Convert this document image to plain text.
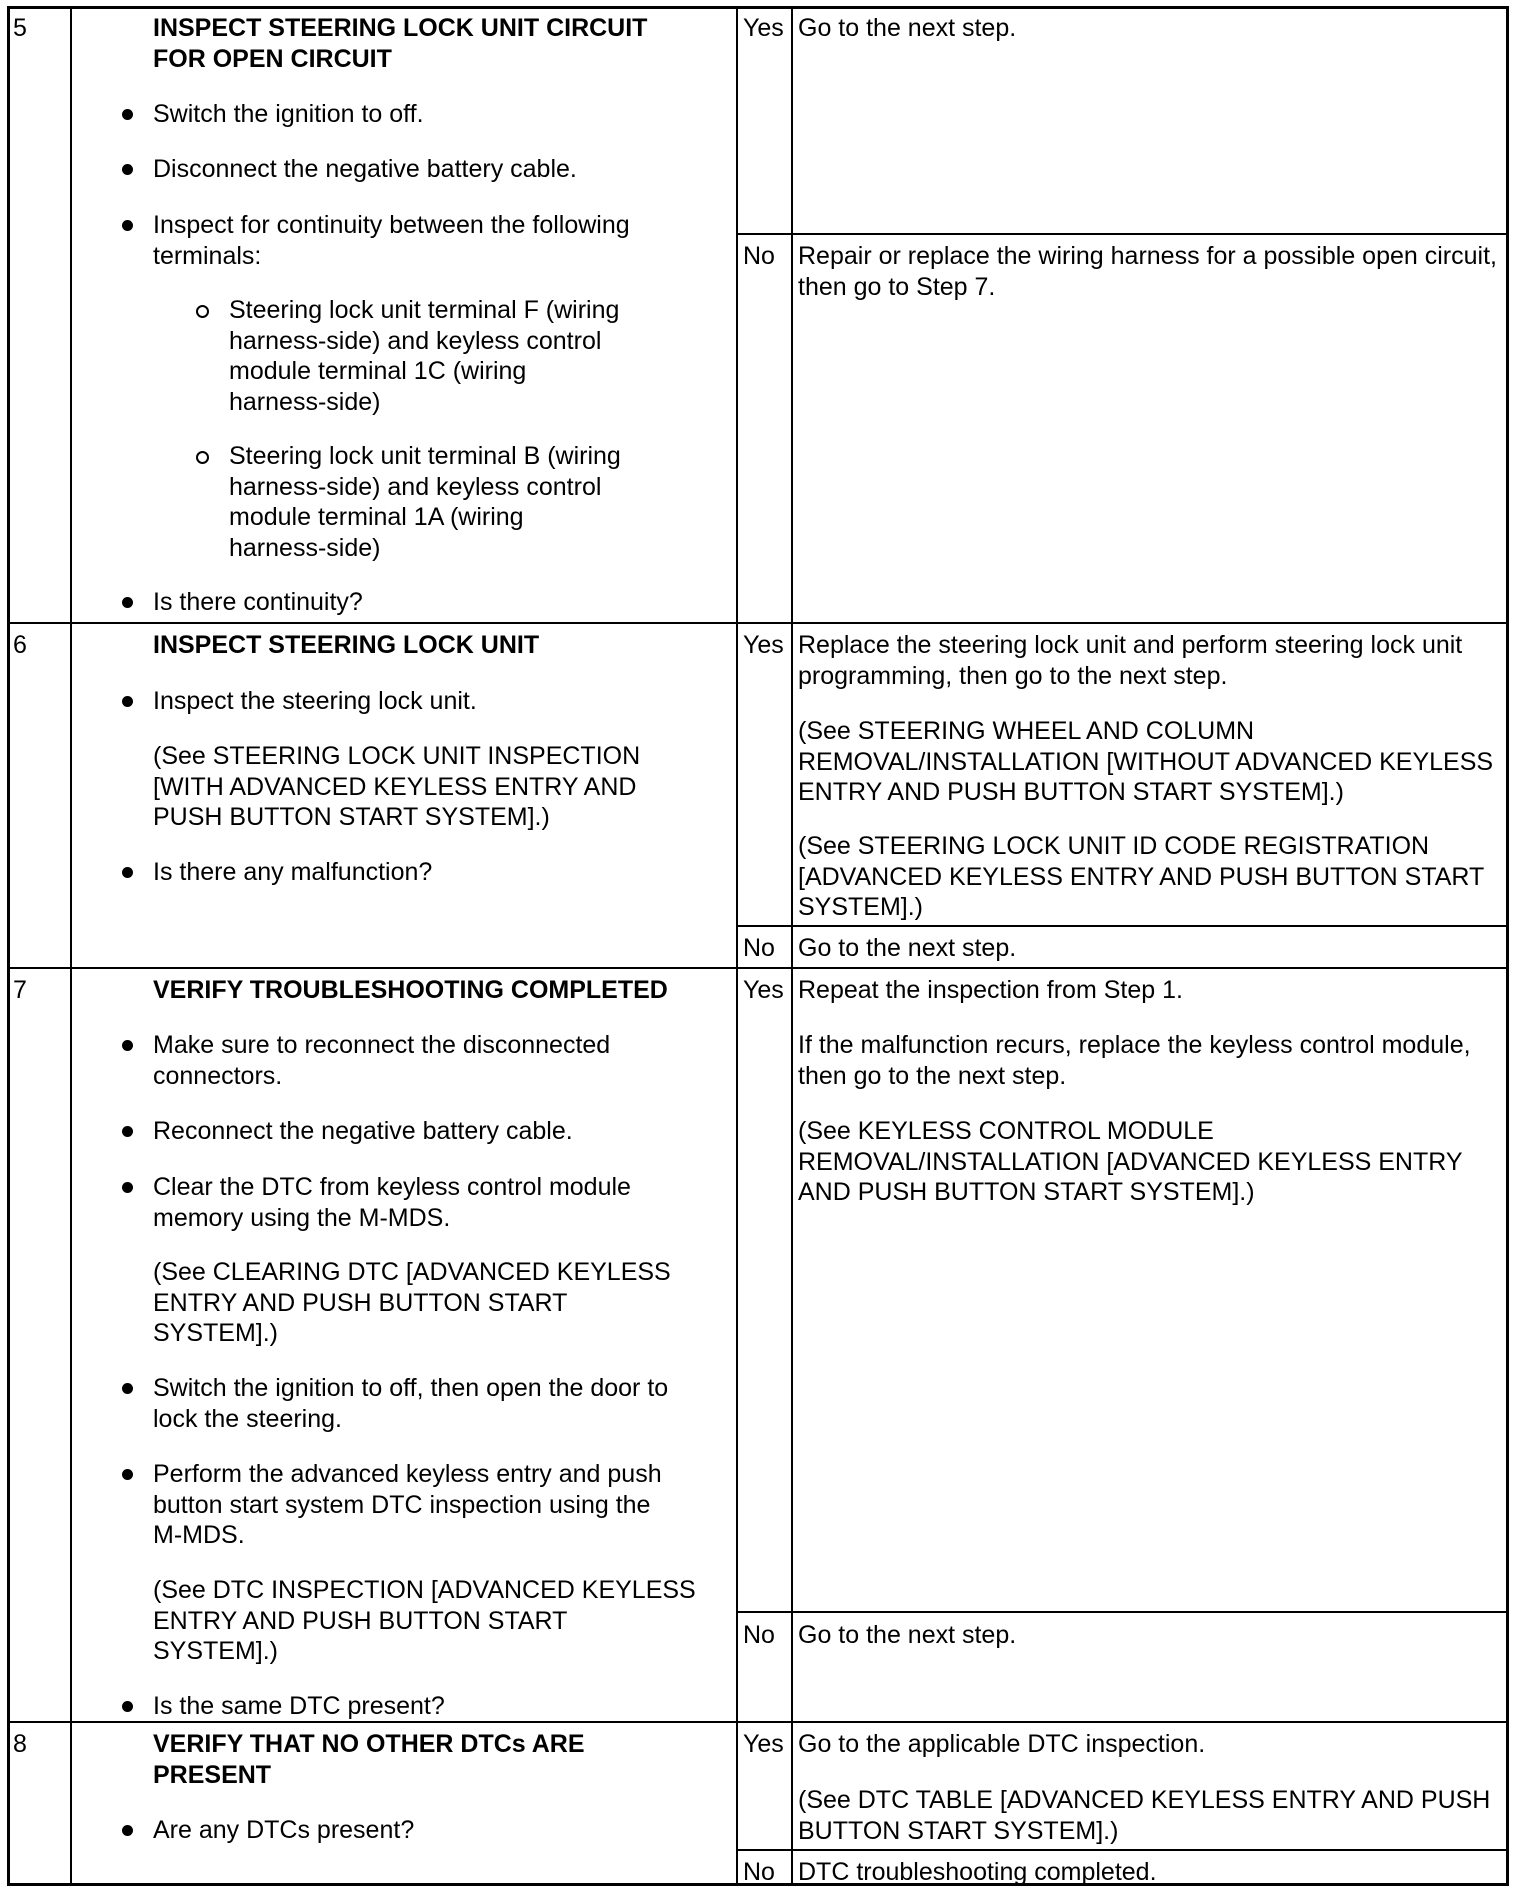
5	INSPECT STEERING LOCK UNIT CIRCUIT
FOR OPEN CIRCUIT
Switch the ignition to off.
Disconnect the negative battery cable.
Inspect for continuity between the following
terminals:
Steering lock unit terminal F (wiring
harness-side) and keyless control
module terminal 1C (wiring
harness-side)
Steering lock unit terminal B (wiring
harness-side) and keyless control
module terminal 1A (wiring
harness-side)
Is there continuity?
Yes Go to the next step.
No Repair or replace the wiring harness for a possible open circuit,
then go to Step 7.
6	INSPECT STEERING LOCK UNIT
Inspect the steering lock unit.
(See STEERING LOCK UNIT INSPECTION
[WITH ADVANCED KEYLESS ENTRY AND
PUSH BUTTON START SYSTEM].)
Is there any malfunction?
Yes Replace the steering lock unit and perform steering lock unit
programming, then go to the next step.
(See STEERING WHEEL AND COLUMN
REMOVAL/INSTALLATION [WITHOUT ADVANCED KEYLESS
ENTRY AND PUSH BUTTON START SYSTEM].)
(See STEERING LOCK UNIT ID CODE REGISTRATION
[ADVANCED KEYLESS ENTRY AND PUSH BUTTON START
SYSTEM].)
No Go to the next step.
7	VERIFY TROUBLESHOOTING COMPLETED
Make sure to reconnect the disconnected
connectors.
Reconnect the negative battery cable.
Clear the DTC from keyless control module
memory using the M-MDS.
(See CLEARING DTC [ADVANCED KEYLESS
ENTRY AND PUSH BUTTON START
SYSTEM].)
Switch the ignition to off, then open the door to
lock the steering.
Perform the advanced keyless entry and push
button start system DTC inspection using the
M-MDS.
(See DTC INSPECTION [ADVANCED KEYLESS
ENTRY AND PUSH BUTTON START
SYSTEM].)
Is the same DTC present?
Yes Repeat the inspection from Step 1.
If the malfunction recurs, replace the keyless control module,
then go to the next step.
(See KEYLESS CONTROL MODULE
REMOVAL/INSTALLATION [ADVANCED KEYLESS ENTRY
AND PUSH BUTTON START SYSTEM].)
No Go to the next step.
8	VERIFY THAT NO OTHER DTCs ARE
PRESENT
Are any DTCs present?
Yes Go to the applicable DTC inspection.
(See DTC TABLE [ADVANCED KEYLESS ENTRY AND PUSH
BUTTON START SYSTEM].)
No DTC troubleshooting completed.
